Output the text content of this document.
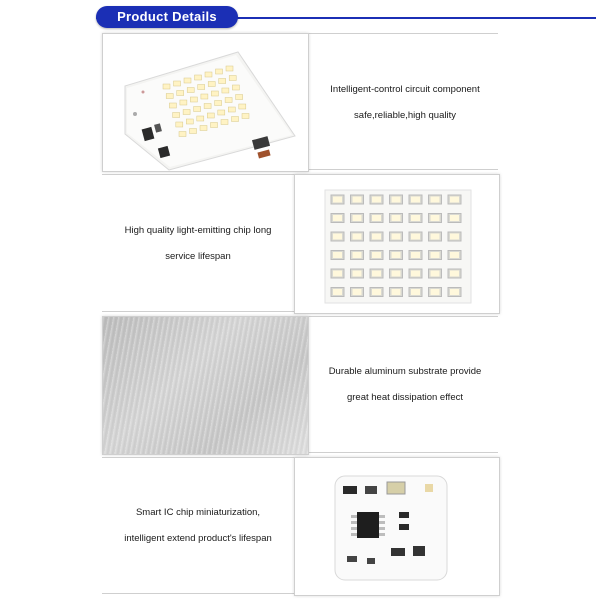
Product Details
Intelligent-control circuit component
safe,reliable,high quality
High quality light-emitting chip long
service lifespan
Durable aluminum substrate provide
great heat dissipation effect
Smart IC chip miniaturization,
intelligent extend product's lifespan
